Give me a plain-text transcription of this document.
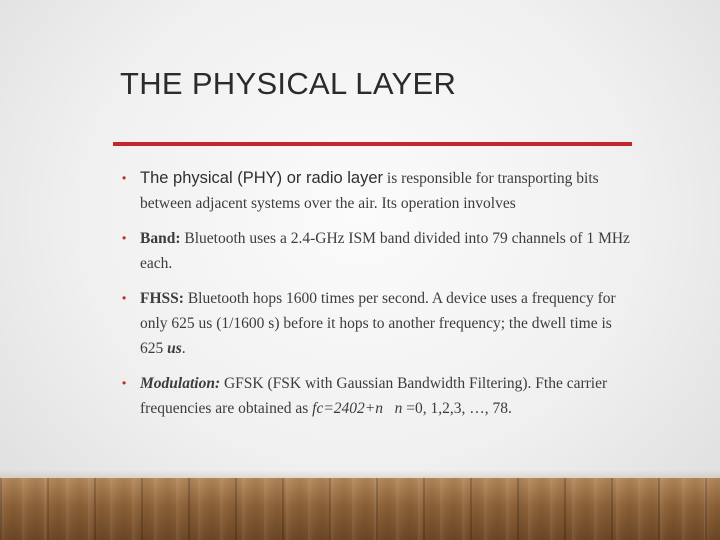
THE PHYSICAL LAYER
• The physical (PHY) or radio layer is responsible for transporting bits between adjacent systems over the air. Its operation involves
• Band: Bluetooth uses a 2.4-GHz ISM band divided into 79 channels of 1 MHz each.
• FHSS: Bluetooth hops 1600 times per second. A device uses a frequency for only 625 us (1/1600 s) before it hops to another frequency; the dwell time is 625 us.
• Modulation: GFSK (FSK with Gaussian Bandwidth Filtering). Fthe carrier frequencies are obtained as fc=2402+n n =0, 1,2,3, …, 78.
